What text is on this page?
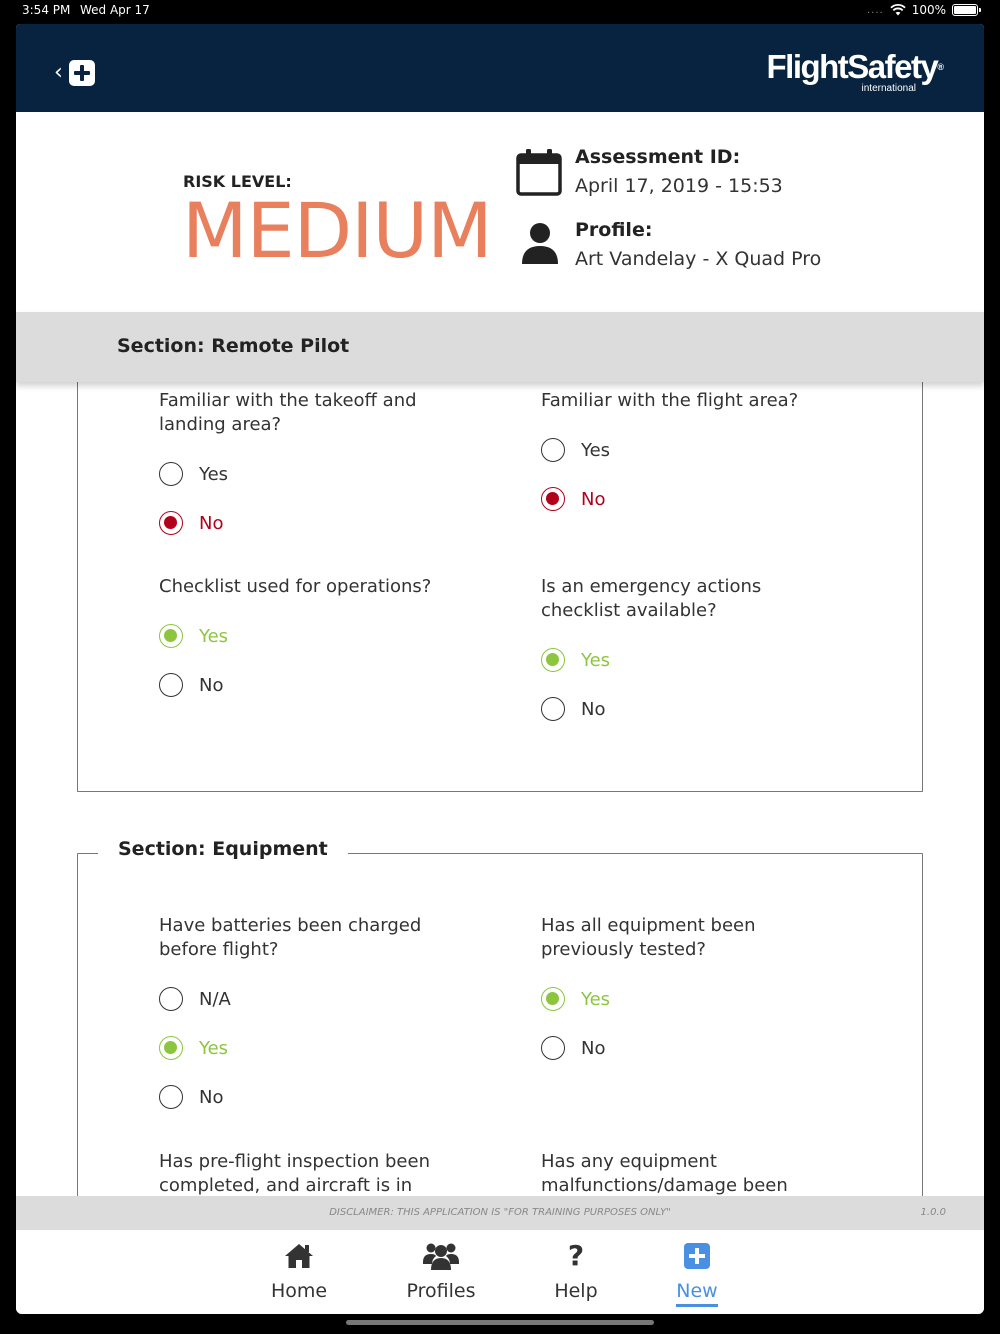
3:54 PM Wed Apr 17	.... 100%
‹	FlightSafety®
international
RISK LEVEL:
MEDIUM
Assessment ID:
April 17, 2019 - 15:53
Profile:
Art Vandelay - X Quad Pro
Section: Remote Pilot
Familiar with the takeoff and landing area?
Yes
No
Familiar with the flight area?
Yes
No
Checklist used for operations?
Yes
No
Is an emergency actions checklist available?
Yes
No
Section: Equipment
Have batteries been charged before flight?
N/A
Yes
No
Has all equipment been previously tested?
Yes
No
Has pre-flight inspection been completed, and aircraft is in
Has any equipment malfunctions/damage been
DISCLAIMER: THIS APPLICATION IS "FOR TRAINING PURPOSES ONLY"	1.0.0
Home	Profiles
?
Help	New
